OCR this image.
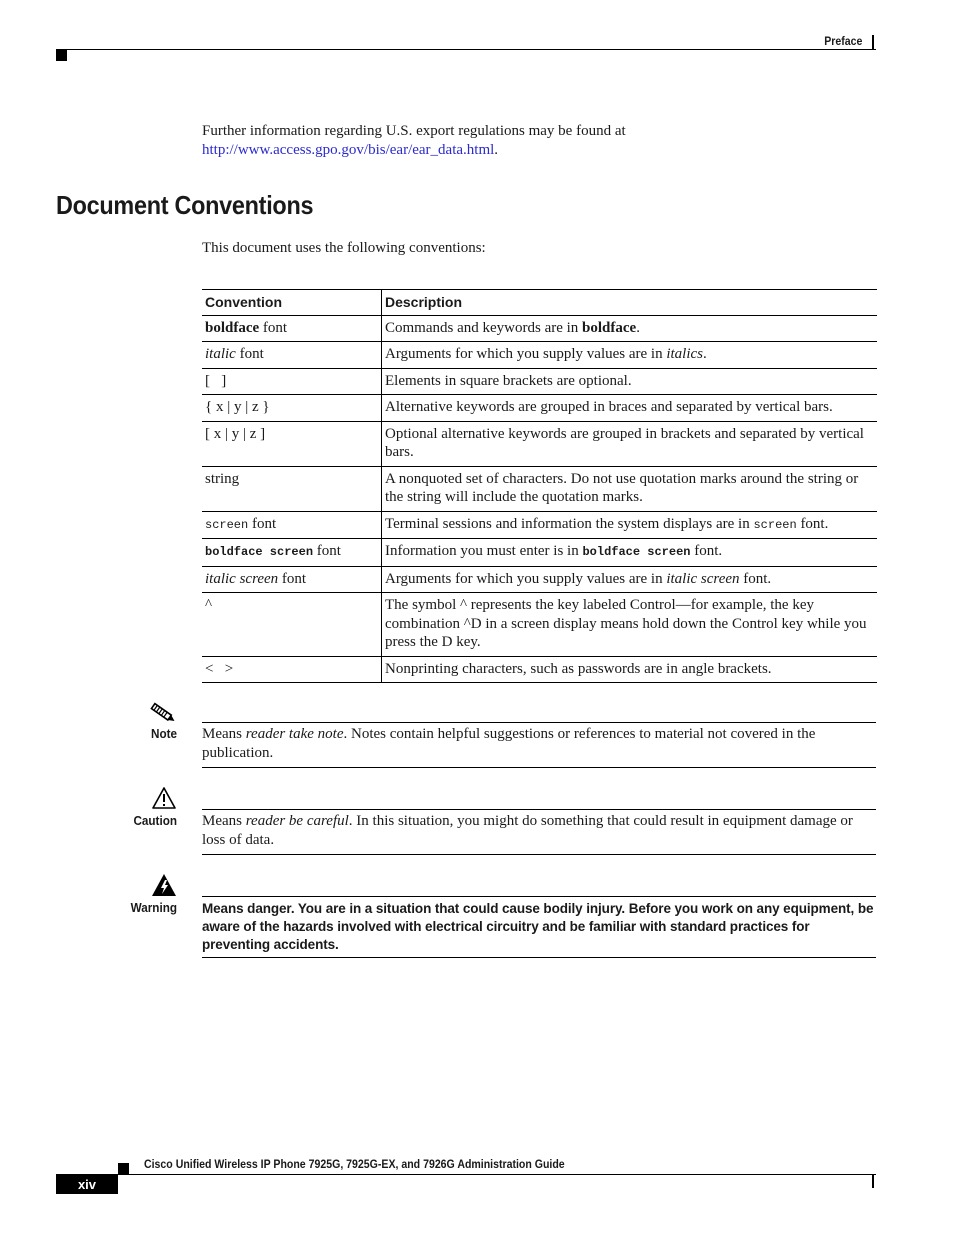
Preface
Further information regarding U.S. export regulations may be found at
http://www.access.gpo.gov/bis/ear/ear_data.html.
Document Conventions
This document uses the following conventions:
Convention	Description
boldface font	Commands and keywords are in boldface.
italic font	Arguments for which you supply values are in italics.
[   ]	Elements in square brackets are optional.
{ x | y | z }	Alternative keywords are grouped in braces and separated by vertical bars.
[ x | y | z ]	Optional alternative keywords are grouped in brackets and separated by vertical bars.
string	A nonquoted set of characters. Do not use quotation marks around the string or the string will include the quotation marks.
screen font	Terminal sessions and information the system displays are in screen font.
boldface screen font	Information you must enter is in boldface screen font.
italic screen font	Arguments for which you supply values are in italic screen font.
^	The symbol ^ represents the key labeled Control—for example, the key combination ^D in a screen display means hold down the Control key while you press the D key.
<   >	Nonprinting characters, such as passwords are in angle brackets.
Note Means reader take note. Notes contain helpful suggestions or references to material not covered in the publication.
Caution Means reader be careful. In this situation, you might do something that could result in equipment damage or loss of data.
Warning Means danger. You are in a situation that could cause bodily injury. Before you work on any equipment, be aware of the hazards involved with electrical circuitry and be familiar with standard practices for preventing accidents.
Cisco Unified Wireless IP Phone 7925G, 7925G-EX, and 7926G Administration Guide
xiv
